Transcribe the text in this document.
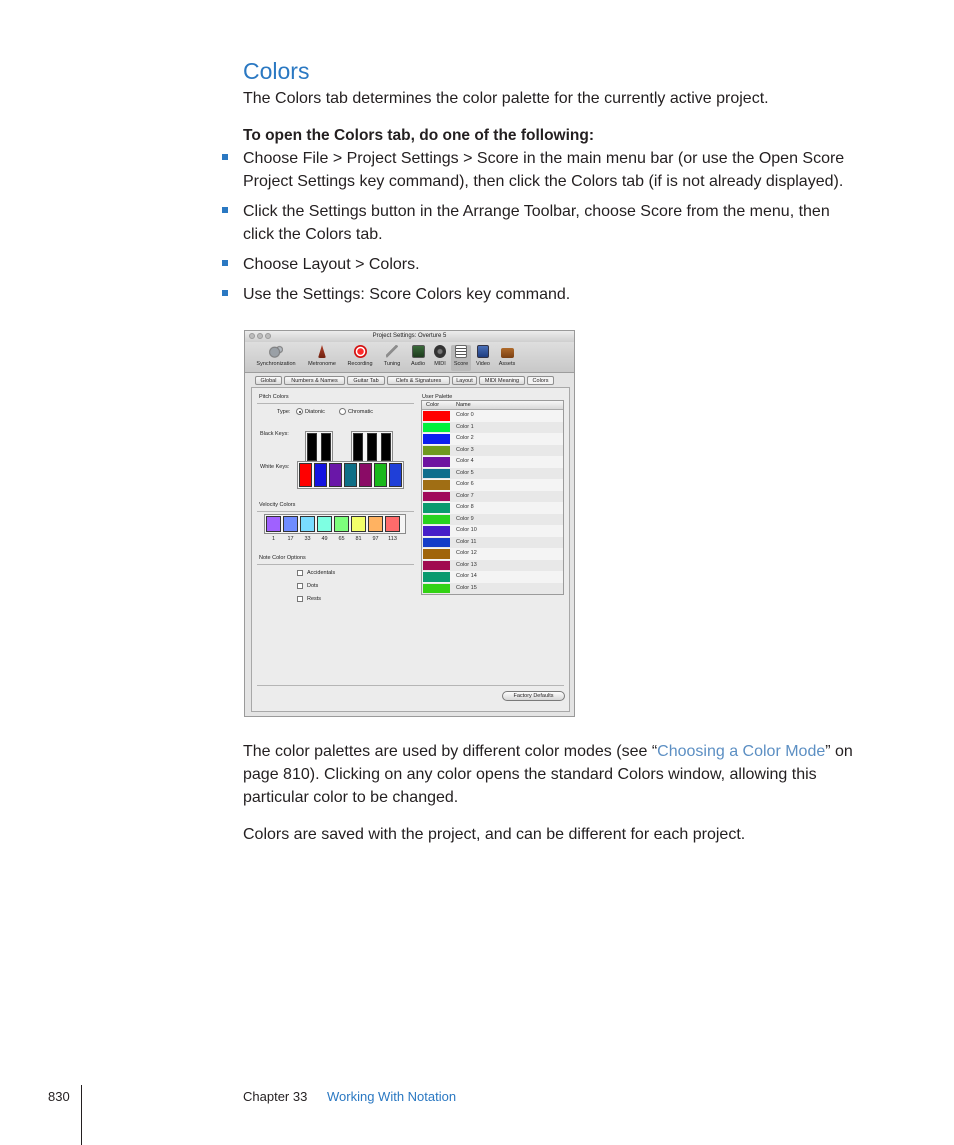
Colors

The Colors tab determines the color palette for the currently active project.

To open the Colors tab, do one of the following:

Choose File > Project Settings > Score in the main menu bar (or use the Open Score

Project Settings key command), then click the Colors tab (if is not already displayed).

Click the Settings button in the Arrange Toolbar, choose Score from the menu, then

click the Colors tab.

Choose Layout > Colors.

Use the Settings: Score Colors key command.

Project Settings: Overture 5
Synchronization	Metronome	Recording	Tuning	Audio	MIDI	Score	Video	Assets
Global	Numbers & Names	Guitar Tab	Clefs & Signatures	Layout	MIDI Meaning	Colors
Pitch Colors
Type:	Diatonic	Chromatic
Black Keys:
White Keys:
Velocity Colors
1	17	33	49	65	81	97	113
Note Color Options
Accidentals
Dots
Rests
User Palette
Color	Name
Color 0
Color 1
Color 2
Color 3
Color 4
Color 5
Color 6
Color 7
Color 8
Color 9
Color 10
Color 11
Color 12
Color 13
Color 14
Color 15
Factory Defaults

The color palettes are used by different color modes (see “Choosing a Color Mode” on

page 810). Clicking on any color opens the standard Colors window, allowing this

particular color to be changed.

Colors are saved with the project, and can be different for each project.

830	Chapter 33 Working With Notation
